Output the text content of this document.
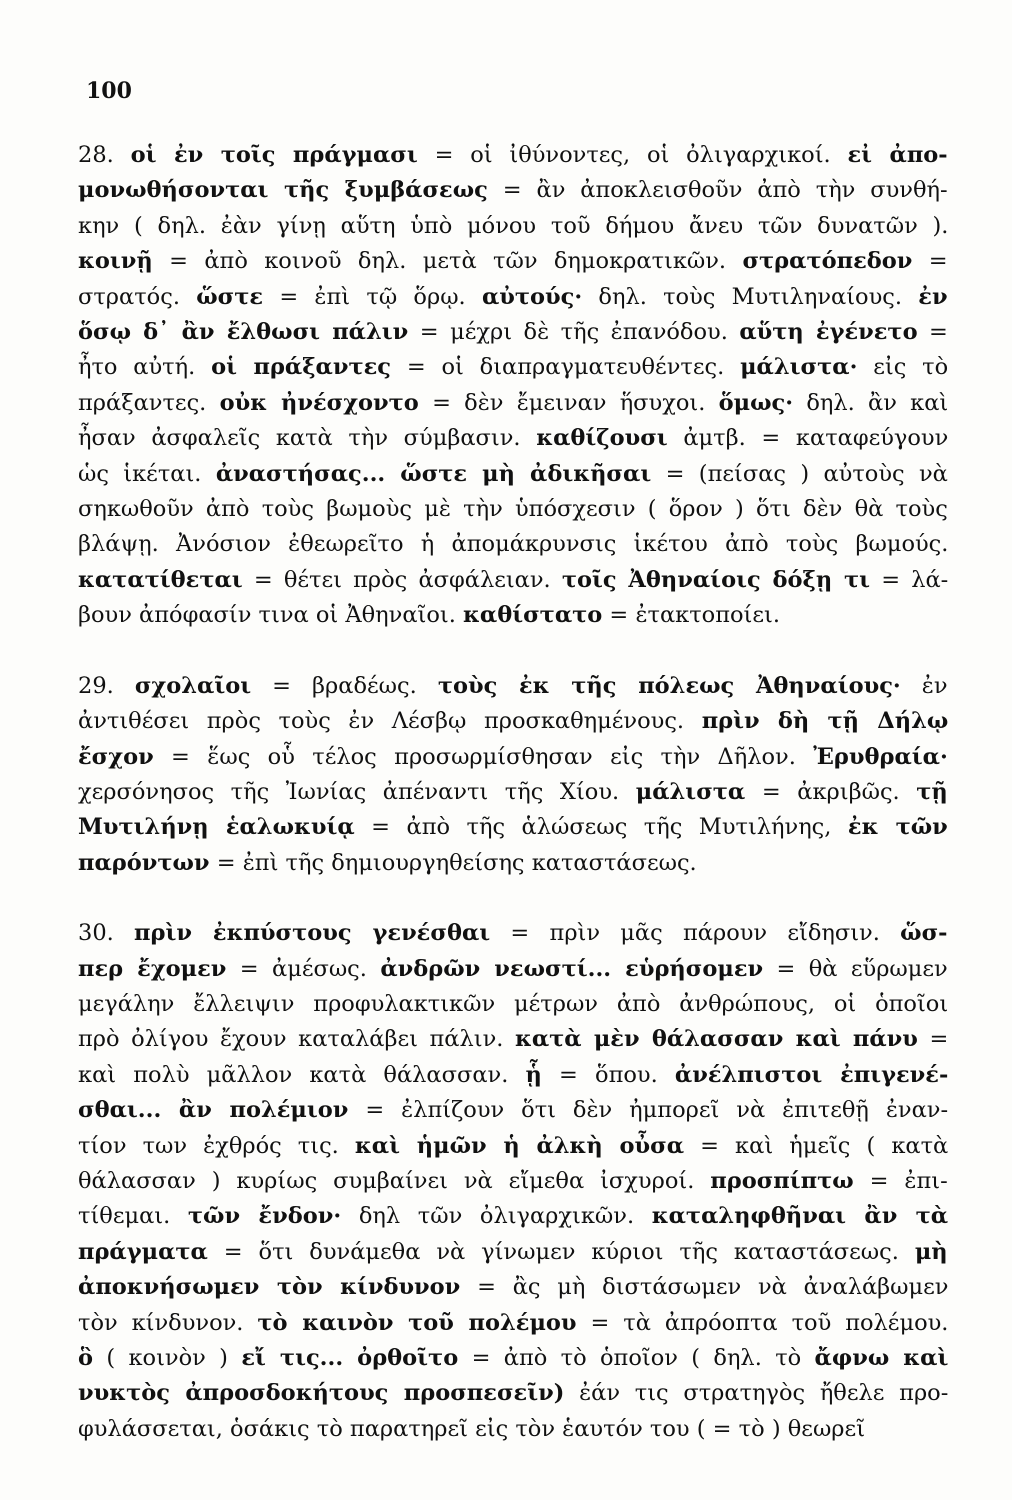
100
28. οἱ ἐν τοῖς πράγμασι = οἱ ἰθύνοντες, οἱ ὀλιγαρχικοί. εἰ ἀπο-
μονωθήσονται τῆς ξυμβάσεως = ἂν ἀποκλεισθοῦν ἀπὸ τὴν συνθή-
κην ( δηλ. ἐὰν γίνῃ αὕτη ὑπὸ μόνου τοῦ δήμου ἄνευ τῶν δυνατῶν ).
κοινῇ = ἀπὸ κοινοῦ δηλ. μετὰ τῶν δημοκρατικῶν. στρατόπεδον =
στρατός. ὥστε = ἐπὶ τῷ ὅρῳ. αὐτούς· δηλ. τοὺς Μυτιληναίους. ἐν
ὅσῳ δ᾽ ἂν ἔλθωσι πάλιν = μέχρι δὲ τῆς ἐπανόδου. αὕτη ἐγένετο =
ἦτο αὐτή. οἱ πράξαντες = οἱ διαπραγματευθέντες. μάλιστα· εἰς τὸ
πράξαντες. οὐκ ἠνέσχοντο = δὲν ἔμειναν ἥσυχοι. ὅμως· δηλ. ἂν καὶ
ἦσαν ἀσφαλεῖς κατὰ τὴν σύμβασιν. καθίζουσι ἀμτβ. = καταφεύγουν
ὡς ἱκέται. ἀναστήσας... ὥστε μὴ ἀδικῆσαι = (πείσας ) αὐτοὺς νὰ
σηκωθοῦν ἀπὸ τοὺς βωμοὺς μὲ τὴν ὑπόσχεσιν ( ὅρον ) ὅτι δὲν θὰ τοὺς
βλάψῃ. Ἀνόσιον ἐθεωρεῖτο ἡ ἀπομάκρυνσις ἱκέτου ἀπὸ τοὺς βωμούς.
κατατίθεται = θέτει πρὸς ἀσφάλειαν. τοῖς Ἀθηναίοις δόξῃ τι = λά-
βουν ἀπόφασίν τινα οἱ Ἀθηναῖοι. καθίστατο = ἐτακτοποίει.
29. σχολαῖοι = βραδέως. τοὺς ἐκ τῆς πόλεως Ἀθηναίους· ἐν
ἀντιθέσει πρὸς τοὺς ἐν Λέσβῳ προσκαθημένους. πρὶν δὴ τῇ Δήλῳ
ἔσχον = ἕως οὗ τέλος προσωρμίσθησαν εἰς τὴν Δῆλον. Ἐρυθραία·
χερσόνησος τῆς Ἰωνίας ἀπέναντι τῆς Χίου. μάλιστα = ἀκριβῶς. τῇ
Μυτιλήνῃ ἑαλωκυίᾳ = ἀπὸ τῆς ἁλώσεως τῆς Μυτιλήνης, ἐκ τῶν
παρόντων = ἐπὶ τῆς δημιουργηθείσης καταστάσεως.
30. πρὶν ἐκπύστους γενέσθαι = πρὶν μᾶς πάρουν εἴδησιν. ὥσ-
περ ἔχομεν = ἀμέσως. ἀνδρῶν νεωστί... εὑρήσομεν = θὰ εὕρωμεν
μεγάλην ἔλλειψιν προφυλακτικῶν μέτρων ἀπὸ ἀνθρώπους, οἱ ὁποῖοι
πρὸ ὀλίγου ἔχουν καταλάβει πάλιν. κατὰ μὲν θάλασσαν καὶ πάνυ =
καὶ πολὺ μᾶλλον κατὰ θάλασσαν. ᾗ = ὅπου. ἀνέλπιστοι ἐπιγενέ-
σθαι... ἂν πολέμιον = ἐλπίζουν ὅτι δὲν ἠμπορεῖ νὰ ἐπιτεθῇ ἐναν-
τίον των ἐχθρός τις. καὶ ἡμῶν ἡ ἀλκὴ οὖσα = καὶ ἡμεῖς ( κατὰ
θάλασσαν ) κυρίως συμβαίνει νὰ εἴμεθα ἰσχυροί. προσπίπτω = ἐπι-
τίθεμαι. τῶν ἔνδον· δηλ τῶν ὀλιγαρχικῶν. καταληφθῆναι ἂν τὰ
πράγματα = ὅτι δυνάμεθα νὰ γίνωμεν κύριοι τῆς καταστάσεως. μὴ
ἀποκνήσωμεν τὸν κίνδυνον = ἂς μὴ διστάσωμεν νὰ ἀναλάβωμεν
τὸν κίνδυνον. τὸ καινὸν τοῦ πολέμου = τὰ ἀπρόοπτα τοῦ πολέμου.
ὃ ( κοινὸν ) εἴ τις... ὀρθοῖτο = ἀπὸ τὸ ὁποῖον ( δηλ. τὸ ἄφνω καὶ
νυκτὸς ἀπροσδοκήτους προσπεσεῖν) ἐάν τις στρατηγὸς ἤθελε προ-
φυλάσσεται, ὁσάκις τὸ παρατηρεῖ εἰς τὸν ἑαυτόν του ( = τὸ ) θεωρεῖ
